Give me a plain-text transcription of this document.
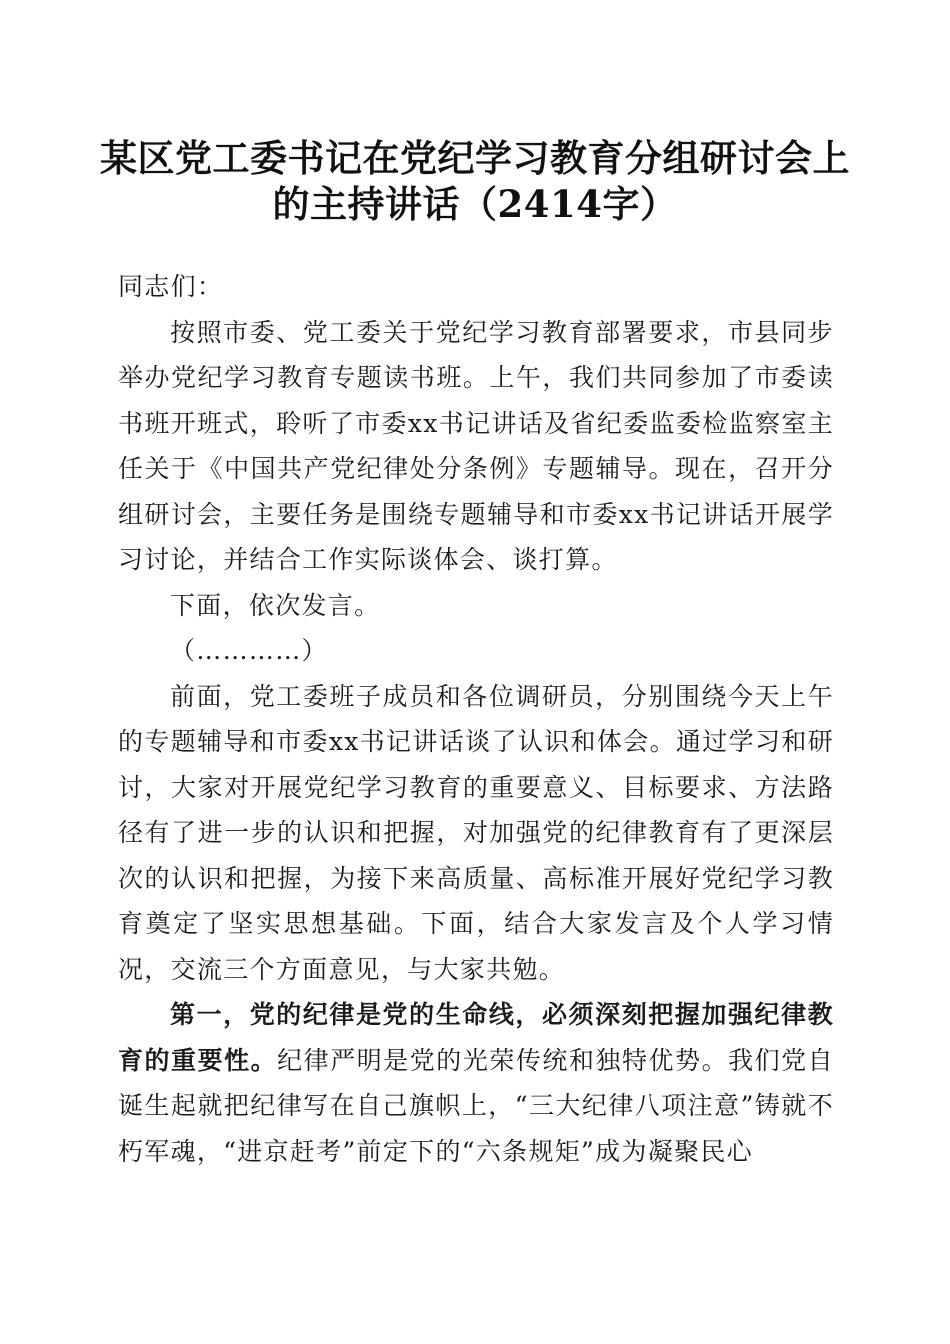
某区党工委书记在党纪学习教育分组研讨会上
的主持讲话（2414字）

同志们：

按照市委、党工委关于党纪学习教育部署要求，市县同步举办党纪学习教育专题读书班。上午，我们共同参加了市委读书班开班式，聆听了市委xx书记讲话及省纪委监委检监察室主任关于《中国共产党纪律处分条例》专题辅导。现在，召开分组研讨会，主要任务是围绕专题辅导和市委xx书记讲话开展学习讨论，并结合工作实际谈体会、谈打算。

下面，依次发言。

（…………）

前面，党工委班子成员和各位调研员，分别围绕今天上午的专题辅导和市委xx书记讲话谈了认识和体会。通过学习和研讨，大家对开展党纪学习教育的重要意义、目标要求、方法路径有了进一步的认识和把握，对加强党的纪律教育有了更深层次的认识和把握，为接下来高质量、高标准开展好党纪学习教育奠定了坚实思想基础。下面，结合大家发言及个人学习情况，交流三个方面意见，与大家共勉。

第一，党的纪律是党的生命线，必须深刻把握加强纪律教育的重要性。纪律严明是党的光荣传统和独特优势。我们党自诞生起就把纪律写在自己旗帜上，“三大纪律八项注意”铸就不朽军魂，“进京赶考”前定下的“六条规矩”成为凝聚民心
